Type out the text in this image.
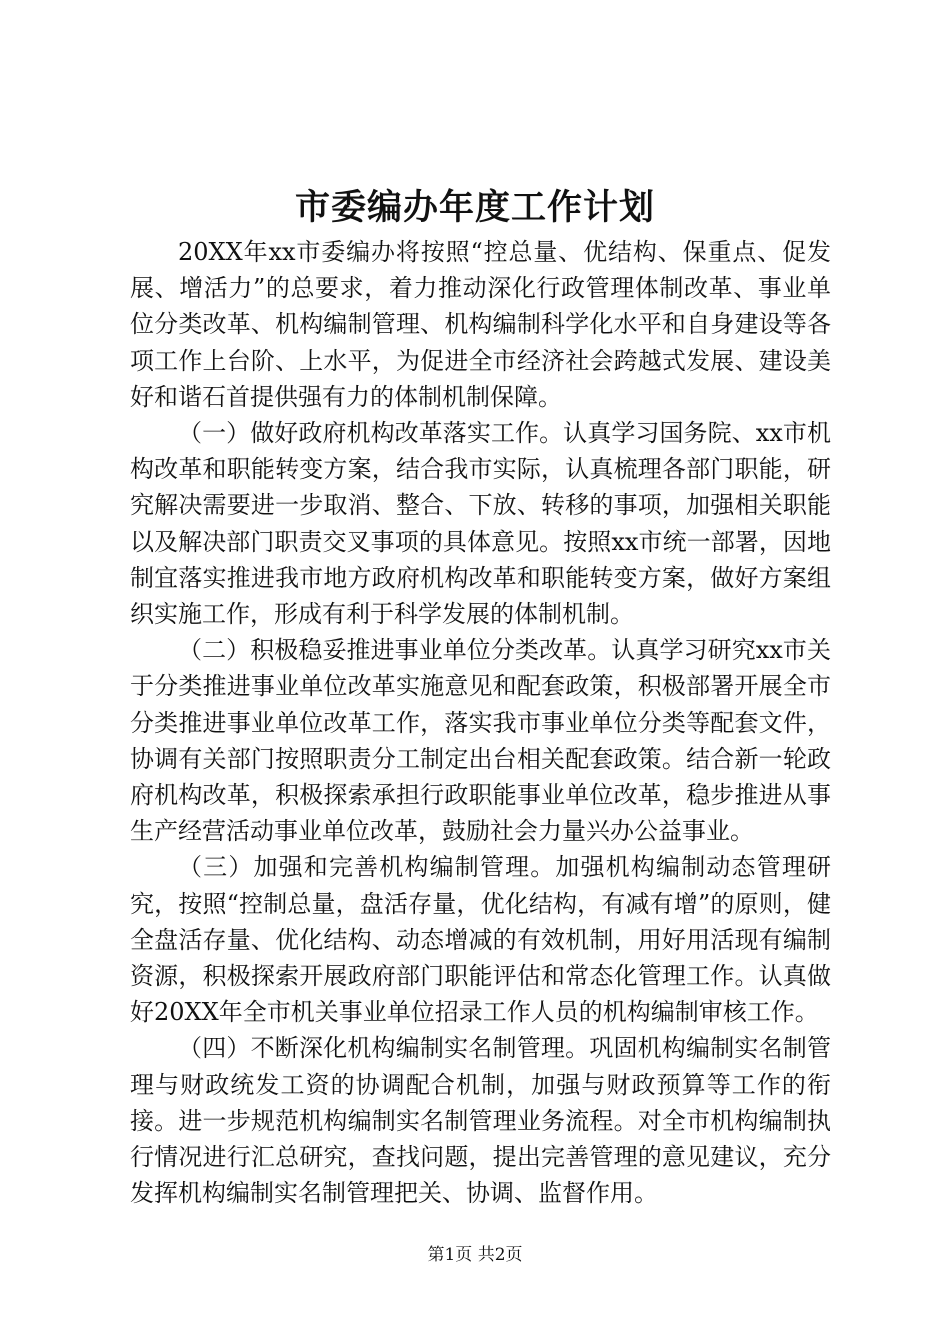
市委编办年度工作计划

20XX年xx市委编办将按照“控总量、优结构、保重点、促发展、增活力”的总要求，着力推动深化行政管理体制改革、事业单位分类改革、机构编制管理、机构编制科学化水平和自身建设等各项工作上台阶、上水平，为促进全市经济社会跨越式发展、建设美好和谐石首提供强有力的体制机制保障。

（一）做好政府机构改革落实工作。认真学习国务院、xx市机构改革和职能转变方案，结合我市实际，认真梳理各部门职能，研究解决需要进一步取消、整合、下放、转移的事项，加强相关职能以及解决部门职责交叉事项的具体意见。按照xx市统一部署，因地制宜落实推进我市地方政府机构改革和职能转变方案，做好方案组织实施工作，形成有利于科学发展的体制机制。

（二）积极稳妥推进事业单位分类改革。认真学习研究xx市关于分类推进事业单位改革实施意见和配套政策，积极部署开展全市分类推进事业单位改革工作，落实我市事业单位分类等配套文件，协调有关部门按照职责分工制定出台相关配套政策。结合新一轮政府机构改革，积极探索承担行政职能事业单位改革，稳步推进从事生产经营活动事业单位改革，鼓励社会力量兴办公益事业。

（三）加强和完善机构编制管理。加强机构编制动态管理研究，按照“控制总量，盘活存量，优化结构，有减有增”的原则，健全盘活存量、优化结构、动态增减的有效机制，用好用活现有编制资源，积极探索开展政府部门职能评估和常态化管理工作。认真做好20XX年全市机关事业单位招录工作人员的机构编制审核工作。

（四）不断深化机构编制实名制管理。巩固机构编制实名制管理与财政统发工资的协调配合机制，加强与财政预算等工作的衔接。进一步规范机构编制实名制管理业务流程。对全市机构编制执行情况进行汇总研究，查找问题，提出完善管理的意见建议，充分发挥机构编制实名制管理把关、协调、监督作用。

第1页 共2页
